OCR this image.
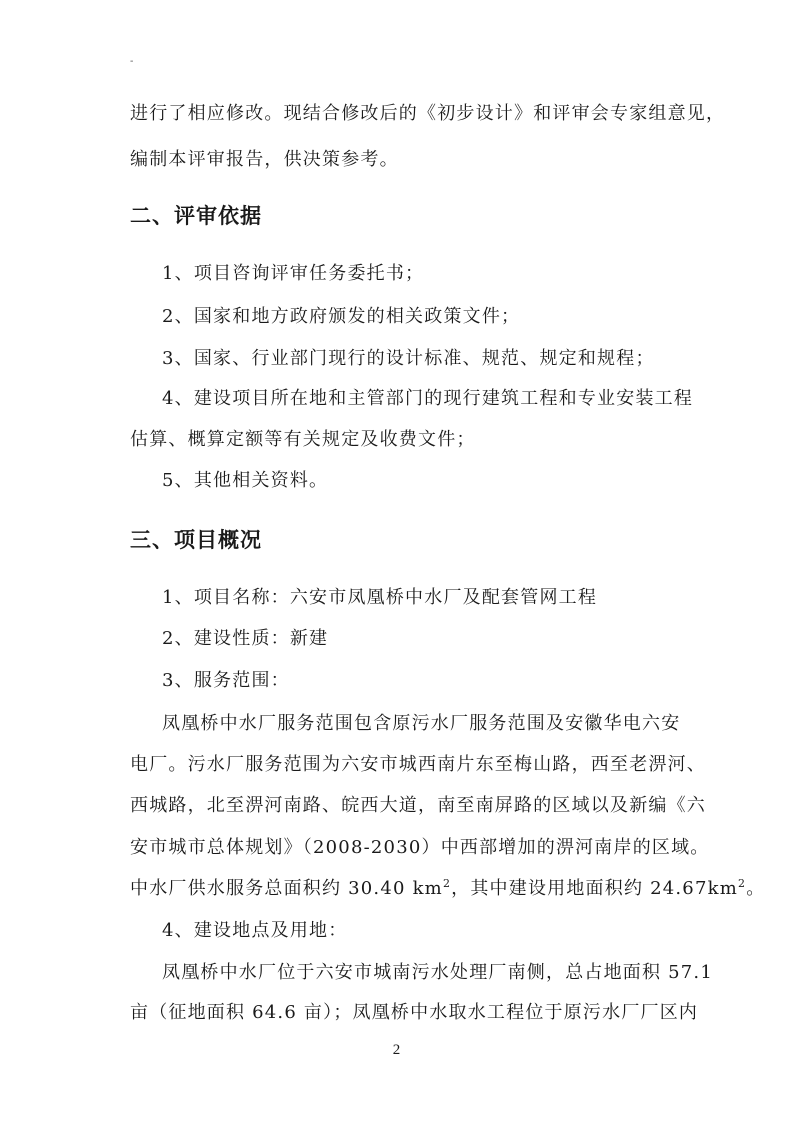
-
进行了相应修改。现结合修改后的《初步设计》和评审会专家组意见，
编制本评审报告，供决策参考。
二、评审依据
1、项目咨询评审任务委托书；
2、国家和地方政府颁发的相关政策文件；
3、国家、行业部门现行的设计标准、规范、规定和规程；
4、建设项目所在地和主管部门的现行建筑工程和专业安装工程
估算、概算定额等有关规定及收费文件；
5、其他相关资料。
三、项目概况
1、项目名称：六安市凤凰桥中水厂及配套管网工程
2、建设性质：新建
3、服务范围：
凤凰桥中水厂服务范围包含原污水厂服务范围及安徽华电六安
电厂。污水厂服务范围为六安市城西南片东至梅山路，西至老淠河、
西城路，北至淠河南路、皖西大道，南至南屏路的区域以及新编《六
安市城市总体规划》（2008-2030）中西部增加的淠河南岸的区域。
中水厂供水服务总面积约 30.40 $km^2$，其中建设用地面积约 $24.67km^2$。
4、建设地点及用地：
凤凰桥中水厂位于六安市城南污水处理厂南侧，总占地面积 57.1
亩（征地面积 64.6 亩）；凤凰桥中水取水工程位于原污水厂厂区内
2
